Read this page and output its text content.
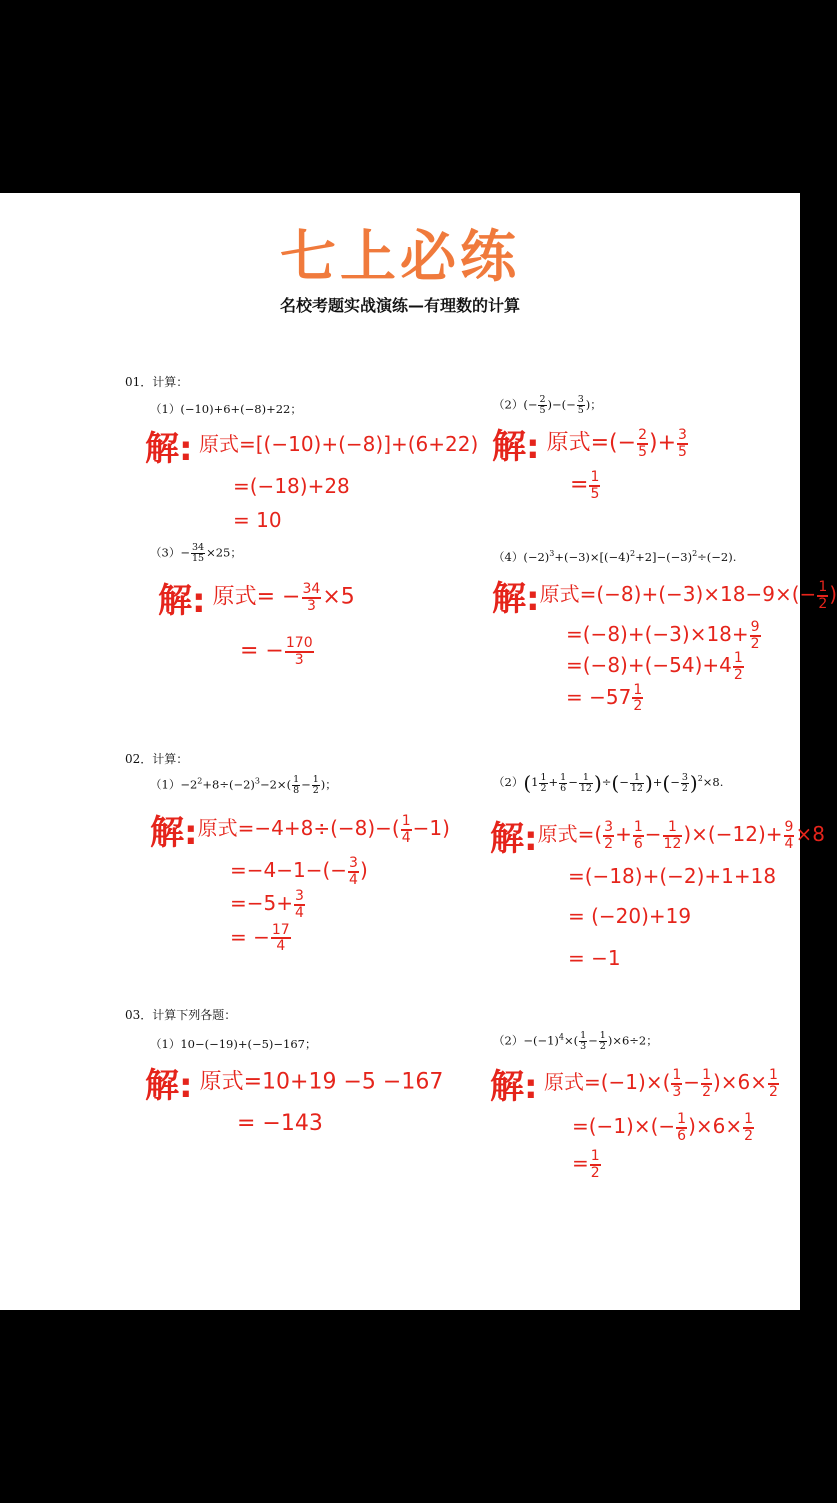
七上必练
名校考题实战演练—有理数的计算
01．计算：
（1）(−10)+6+(−8)+22；
解: 原式=[(−10)+(−8)]+(6+22)
=(−18)+28
= 10
$(2)(- \frac{2}{5}$ )−(− $\frac{3}{5}$ )；
解: 原式=(− $\frac{2}{5}$ )+ $\frac{3}{5}$
= $\frac{1}{5}$
$(3)- \frac{34}{15} \times 25$；
解: 原式= − $\frac{34}{3} \times 5$
= − $\frac{170}{3}$
$(4)(-2)^3+(-3)\times[(-4)^2+2]-(-3)^2\div(-2)$.
解:原式$=(-8)+(-3)\times 18-9\times(- \frac{1}{2}$ )
$=(-8)+(-3)\times 18+ \frac{9}{2}$
$=(-8)+(-54)+4 \frac{1}{2}$
= $-57 \frac{1}{2}$
02．计算：
$(1)-2^2+8\div(-2)^3-2\times( \frac{1}{8} - \frac{1}{2}$ )；
解:原式$=-4+8\div(-8)-( \frac{1}{4} -1)$
$=-4-1-(- \frac{3}{4}$ )
$=-5+ \frac{3}{4}$
= − $\frac{17}{4}$
$(2)(1 \frac{1}{2} + \frac{1}{6} - \frac{1}{12}$ )÷(− $\frac{1}{12}$ )+(− $\frac{3}{2} )^2\times 8$.
解:原式=( $\frac{3}{2} + \frac{1}{6} - \frac{1}{12} )\times(-12)+ \frac{9}{4} \times 8$
=(−18)+(−2)+1+18
= (−20)+19
= −1
03．计算下列各题：
（1）10−(−19)+(−5)−167；
解: 原式=10+19 −5 −167
= −143
$(2)-(-1)^4\times( \frac{1}{3} - \frac{1}{2} )\times 6\div 2$；
解: 原式$=(-1)\times( \frac{1}{3} - \frac{1}{2} )\times 6\times \frac{1}{2}$
$=(-1)\times(- \frac{1}{6} )\times 6\times \frac{1}{2}$
= $\frac{1}{2}$
